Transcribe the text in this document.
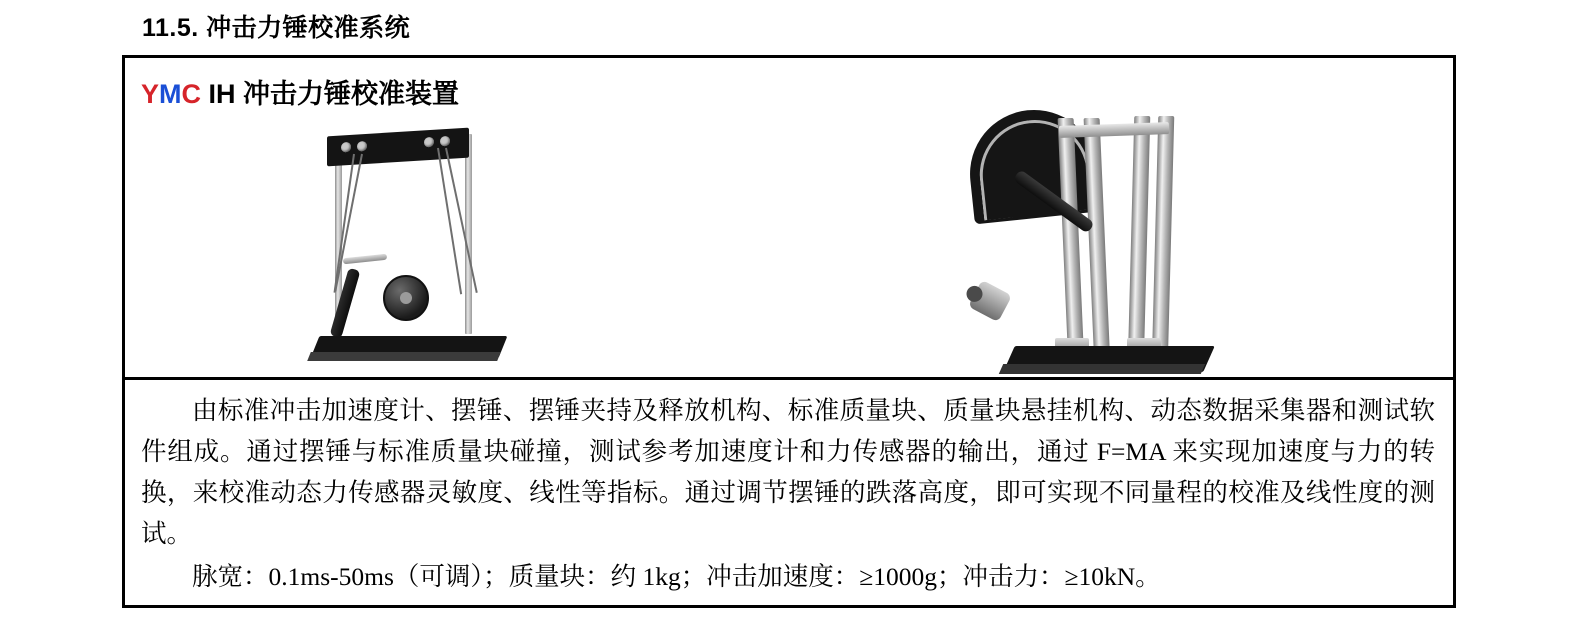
11.5. 冲击力锤校准系统
YMC IH 冲击力锤校准装置

由标准冲击加速度计、摆锤、摆锤夹持及释放机构、标准质量块、质量块悬挂机构、动态数据采集器和测试软件组成。通过摆锤与标准质量块碰撞，测试参考加速度计和力传感器的输出，通过 F=MA 来实现加速度与力的转换，来校准动态力传感器灵敏度、线性等指标。通过调节摆锤的跌落高度，即可实现不同量程的校准及线性度的测试。

脉宽：0.1ms-50ms（可调）；质量块：约 1kg；冲击加速度：≥1000g；冲击力：≥10kN。
